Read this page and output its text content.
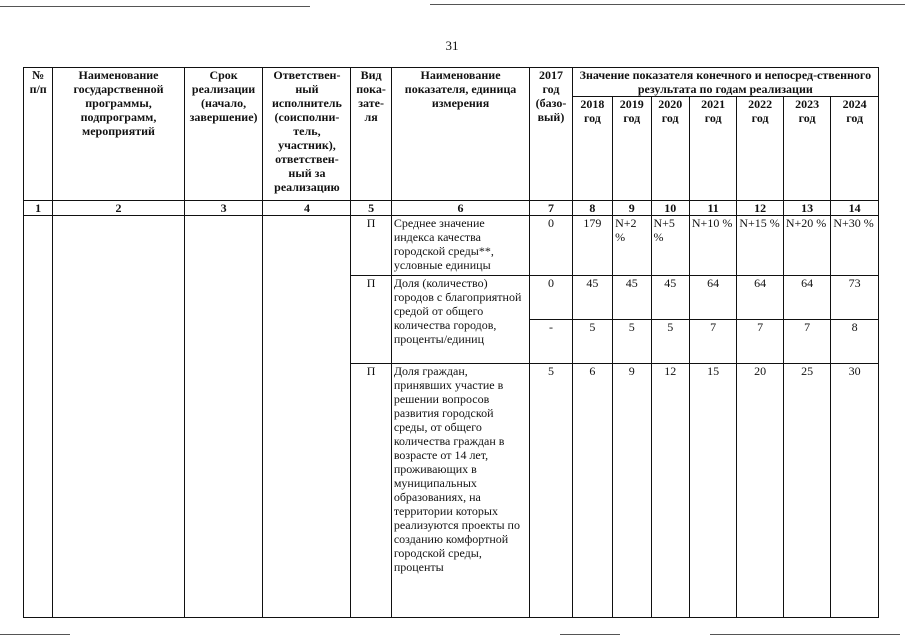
31
№ п/п	Наименование государственной программы, подпрограмм, мероприятий	Срок реализации (начало, завершение)	Ответствен-ный исполнитель (соисполни-тель, участник), ответствен-ный за реализацию	Вид пока-зате-ля	Наименование показателя, единица измерения	2017 год (базо-вый)	Значение показателя конечного и непосред-ственного результата по годам реализации						
							2018 год	2019 год	2020 год	2021 год	2022 год	2023 год	2024 год
1	2	3	4	5	6	7	8	9	10	11	12	13	14
				П	Среднее значение индекса качества городской среды**, условные единицы	0	179	N+2 %	N+5 %	N+10 %	N+15 %	N+20 %	N+30 %
				П	Доля (количество) городов с благоприятной средой от общего количества городов, проценты/единиц	0	45	45	45	64	64	64	73
						-	5	5	5	7	7	7	8
				П	Доля граждан, принявших участие в решении вопросов развития городской среды, от общего количества граждан в возрасте от 14 лет, проживающих в муниципальных образованиях, на территории которых реализуются проекты по созданию комфортной городской среды, проценты	5	6	9	12	15	20	25	30
